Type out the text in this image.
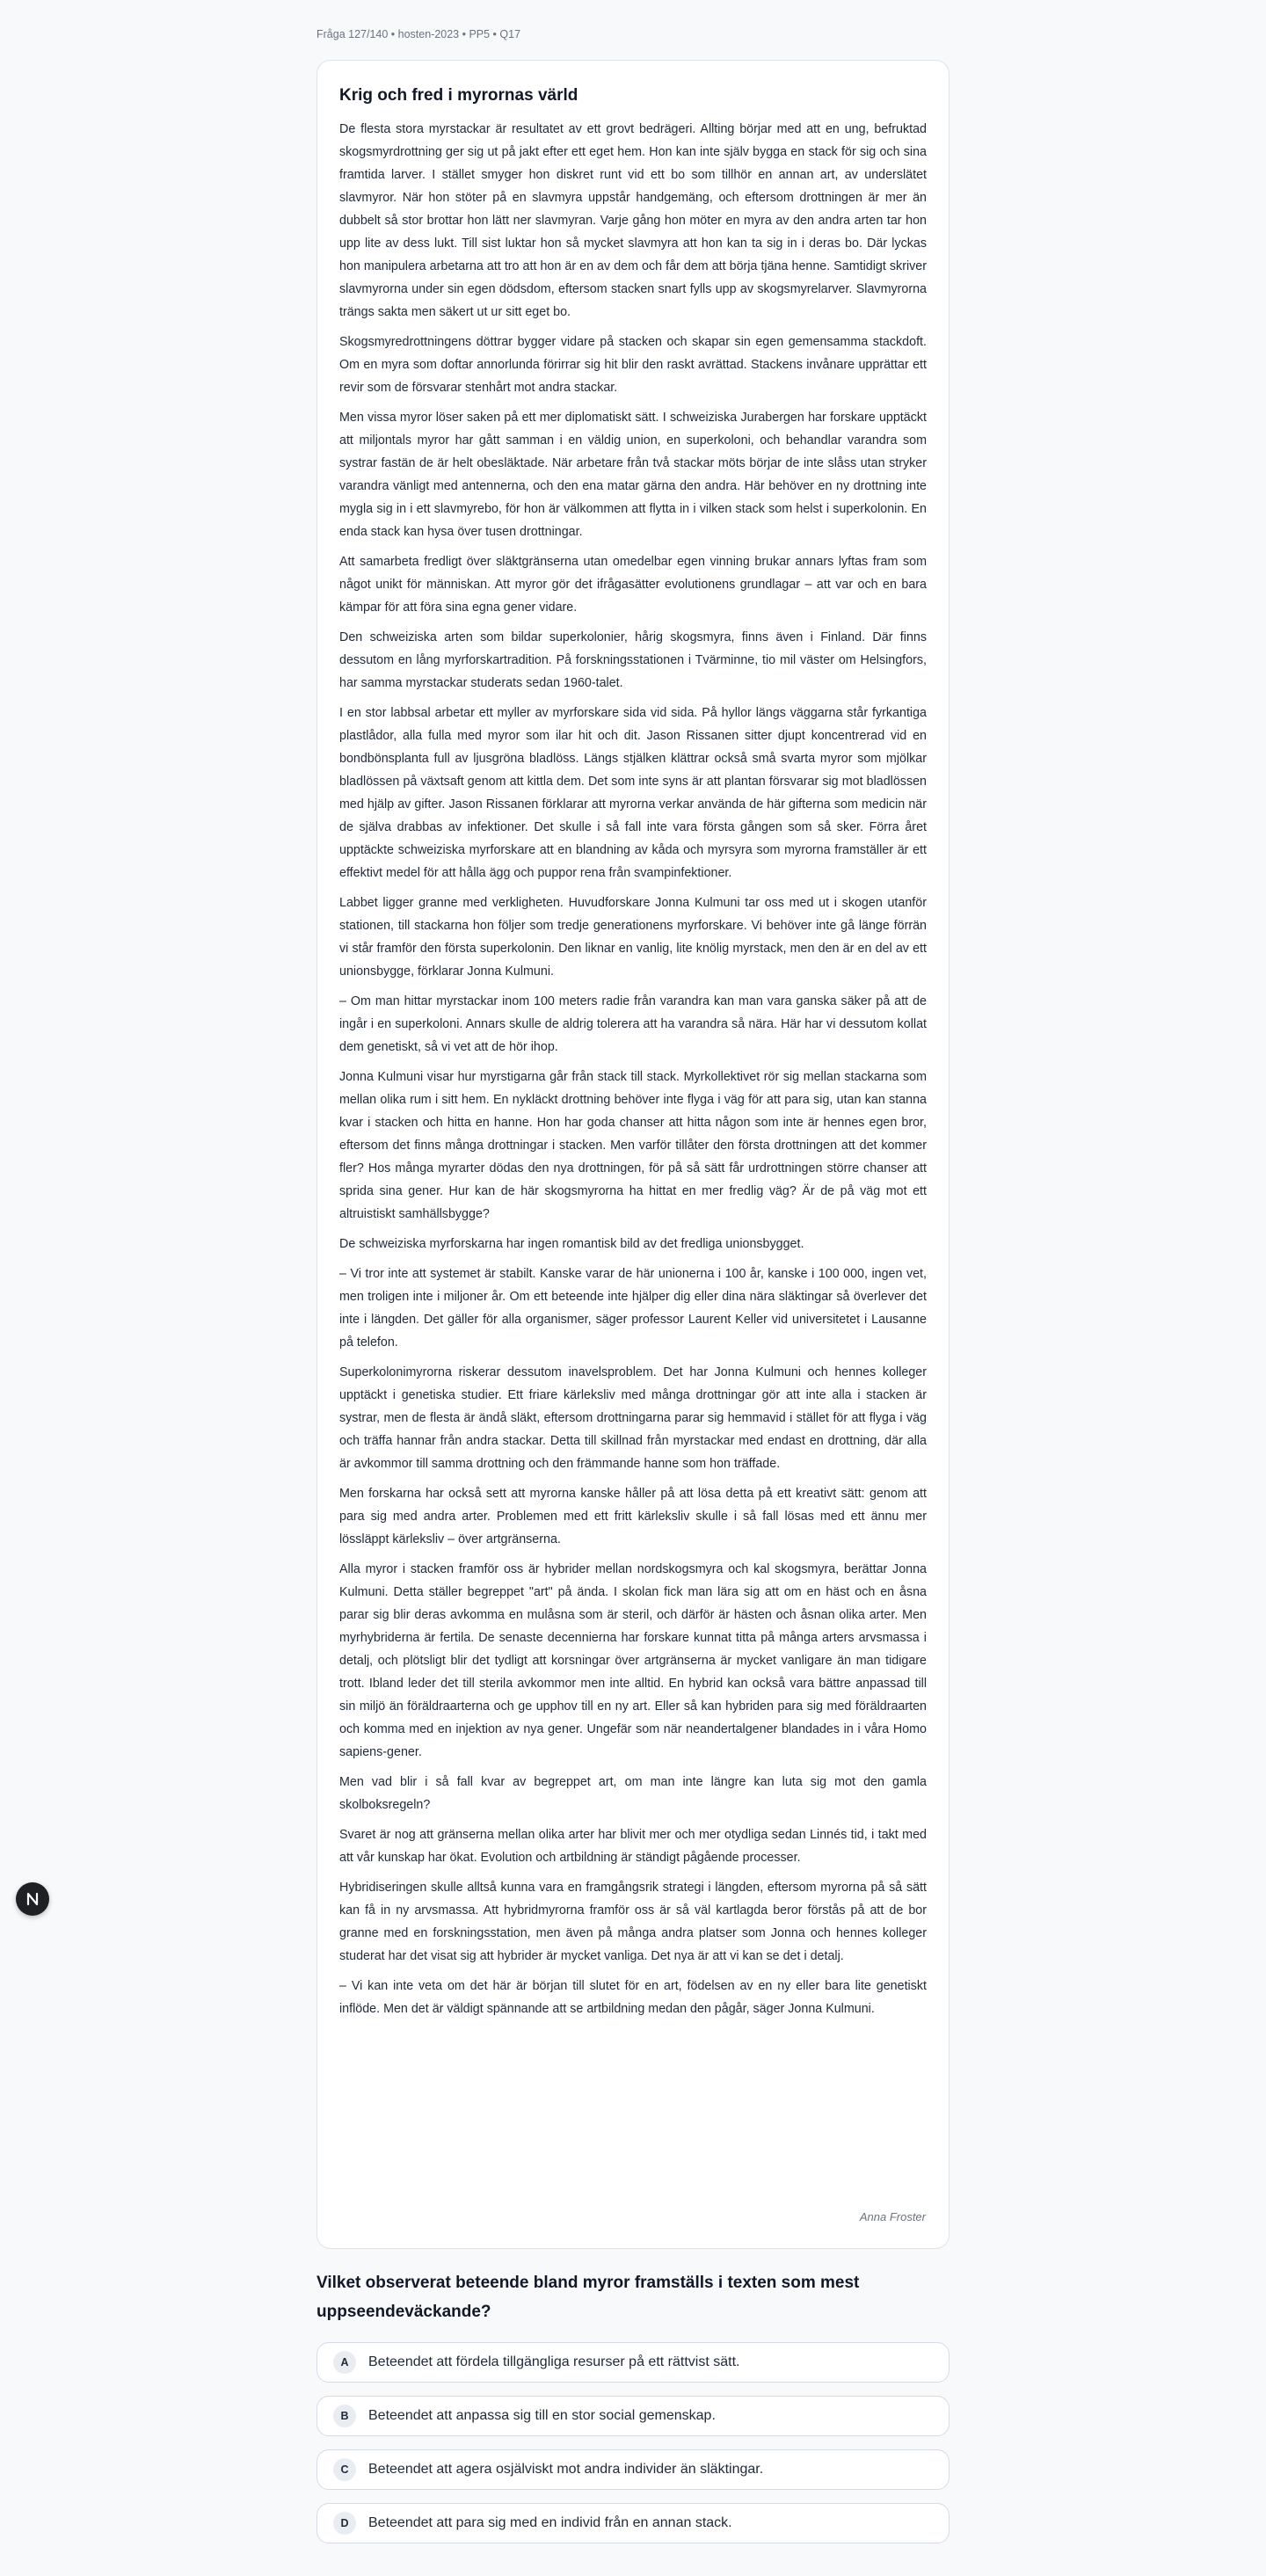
Fråga 127/140 • hosten-2023 • PP5 • Q17
Krig och fred i myrornas värld

De flesta stora myrstackar är resultatet av ett grovt bedrägeri. Allting börjar med att en ung, befruktad skogsmyrdrottning ger sig ut på jakt efter ett eget hem. Hon kan inte själv bygga en stack för sig och sina framtida larver. I stället smyger hon diskret runt vid ett bo som tillhör en annan art, av underslätet slavmyror. När hon stöter på en slavmyra uppstår handgemäng, och eftersom drottningen är mer än dubbelt så stor brottar hon lätt ner slavmyran. Varje gång hon möter en myra av den andra arten tar hon upp lite av dess lukt. Till sist luktar hon så mycket slavmyra att hon kan ta sig in i deras bo. Där lyckas hon manipulera arbetarna att tro att hon är en av dem och får dem att börja tjäna henne. Samtidigt skriver slavmyrorna under sin egen dödsdom, eftersom stacken snart fylls upp av skogsmyrelarver. Slavmyrorna trängs sakta men säkert ut ur sitt eget bo.

Skogsmyredrottningens döttrar bygger vidare på stacken och skapar sin egen gemensamma stackdoft. Om en myra som doftar annorlunda förirrar sig hit blir den raskt avrättad. Stackens invånare upprättar ett revir som de försvarar stenhårt mot andra stackar.

Men vissa myror löser saken på ett mer diplomatiskt sätt. I schweiziska Jurabergen har forskare upptäckt att miljontals myror har gått samman i en väldig union, en superkoloni, och behandlar varandra som systrar fastän de är helt obesläktade. När arbetare från två stackar möts börjar de inte slåss utan stryker varandra vänligt med antennerna, och den ena matar gärna den andra. Här behöver en ny drottning inte mygla sig in i ett slavmyrebo, för hon är välkommen att flytta in i vilken stack som helst i superkolonin. En enda stack kan hysa över tusen drottningar.

Att samarbeta fredligt över släktgränserna utan omedelbar egen vinning brukar annars lyftas fram som något unikt för människan. Att myror gör det ifrågasätter evolutionens grundlagar – att var och en bara kämpar för att föra sina egna gener vidare.

Den schweiziska arten som bildar superkolonier, hårig skogsmyra, finns även i Finland. Där finns dessutom en lång myrforskartradition. På forskningsstationen i Tvärminne, tio mil väster om Helsingfors, har samma myrstackar studerats sedan 1960-talet.

I en stor labbsal arbetar ett myller av myrforskare sida vid sida. På hyllor längs väggarna står fyrkantiga plastlådor, alla fulla med myror som ilar hit och dit. Jason Rissanen sitter djupt koncentrerad vid en bondbönsplanta full av ljusgröna bladlöss. Längs stjälken klättrar också små svarta myror som mjölkar bladlössen på växtsaft genom att kittla dem. Det som inte syns är att plantan försvarar sig mot bladlössen med hjälp av gifter. Jason Rissanen förklarar att myrorna verkar använda de här gifterna som medicin när de själva drabbas av infektioner. Det skulle i så fall inte vara första gången som så sker. Förra året upptäckte schweiziska myrforskare att en blandning av kåda och myrsyra som myrorna framställer är ett effektivt medel för att hålla ägg och puppor rena från svampinfektioner.

Labbet ligger granne med verkligheten. Huvudforskare Jonna Kulmuni tar oss med ut i skogen utanför stationen, till stackarna hon följer som tredje generationens myrforskare. Vi behöver inte gå länge förrän vi står framför den första superkolonin. Den liknar en vanlig, lite knölig myrstack, men den är en del av ett unionsbygge, förklarar Jonna Kulmuni.

– Om man hittar myrstackar inom 100 meters radie från varandra kan man vara ganska säker på att de ingår i en superkoloni. Annars skulle de aldrig tolerera att ha varandra så nära. Här har vi dessutom kollat dem genetiskt, så vi vet att de hör ihop.

Jonna Kulmuni visar hur myrstigarna går från stack till stack. Myrkollektivet rör sig mellan stackarna som mellan olika rum i sitt hem. En nykläckt drottning behöver inte flyga i väg för att para sig, utan kan stanna kvar i stacken och hitta en hanne. Hon har goda chanser att hitta någon som inte är hennes egen bror, eftersom det finns många drottningar i stacken. Men varför tillåter den första drottningen att det kommer fler? Hos många myrarter dödas den nya drottningen, för på så sätt får urdrottningen större chanser att sprida sina gener. Hur kan de här skogsmyrorna ha hittat en mer fredlig väg? Är de på väg mot ett altruistiskt samhällsbygge?

De schweiziska myrforskarna har ingen romantisk bild av det fredliga unionsbygget.

– Vi tror inte att systemet är stabilt. Kanske varar de här unionerna i 100 år, kanske i 100 000, ingen vet, men troligen inte i miljoner år. Om ett beteende inte hjälper dig eller dina nära släktingar så överlever det inte i längden. Det gäller för alla organismer, säger professor Laurent Keller vid universitetet i Lausanne på telefon.

Superkolonimyrorna riskerar dessutom inavelsproblem. Det har Jonna Kulmuni och hennes kolleger upptäckt i genetiska studier. Ett friare kärleksliv med många drottningar gör att inte alla i stacken är systrar, men de flesta är ändå släkt, eftersom drottningarna parar sig hemmavid i stället för att flyga i väg och träffa hannar från andra stackar. Detta till skillnad från myrstackar med endast en drottning, där alla är avkommor till samma drottning och den främmande hanne som hon träffade.

Men forskarna har också sett att myrorna kanske håller på att lösa detta på ett kreativt sätt: genom att para sig med andra arter. Problemen med ett fritt kärleksliv skulle i så fall lösas med ett ännu mer lössläppt kärleksliv – över artgränserna.

Alla myror i stacken framför oss är hybrider mellan nordskogsmyra och kal skogsmyra, berättar Jonna Kulmuni. Detta ställer begreppet "art" på ända. I skolan fick man lära sig att om en häst och en åsna parar sig blir deras avkomma en mulåsna som är steril, och därför är hästen och åsnan olika arter. Men myrhybriderna är fertila. De senaste decennierna har forskare kunnat titta på många arters arvsmassa i detalj, och plötsligt blir det tydligt att korsningar över artgränserna är mycket vanligare än man tidigare trott. Ibland leder det till sterila avkommor men inte alltid. En hybrid kan också vara bättre anpassad till sin miljö än föräldraarterna och ge upphov till en ny art. Eller så kan hybriden para sig med föräldraarten och komma med en injektion av nya gener. Ungefär som när neandertalgener blandades in i våra Homo sapiens-gener.

Men vad blir i så fall kvar av begreppet art, om man inte längre kan luta sig mot den gamla skolboksregeln?

Svaret är nog att gränserna mellan olika arter har blivit mer och mer otydliga sedan Linnés tid, i takt med att vår kunskap har ökat. Evolution och artbildning är ständigt pågående processer.

Hybridiseringen skulle alltså kunna vara en framgångsrik strategi i längden, eftersom myrorna på så sätt kan få in ny arvsmassa. Att hybridmyrorna framför oss är så väl kartlagda beror förstås på att de bor granne med en forskningsstation, men även på många andra platser som Jonna och hennes kolleger studerat har det visat sig att hybrider är mycket vanliga. Det nya är att vi kan se det i detalj.

– Vi kan inte veta om det här är början till slutet för en art, födelsen av en ny eller bara lite genetiskt inflöde. Men det är väldigt spännande att se artbildning medan den pågår, säger Jonna Kulmuni.

Anna Froster
Vilket observerat beteende bland myror framställs i texten som mest uppseendeväckande?
A	Beteendet att fördela tillgängliga resurser på ett rättvist sätt.
B	Beteendet att anpassa sig till en stor social gemenskap.
C	Beteendet att agera osjälviskt mot andra individer än släktingar.
D	Beteendet att para sig med en individ från en annan stack.
